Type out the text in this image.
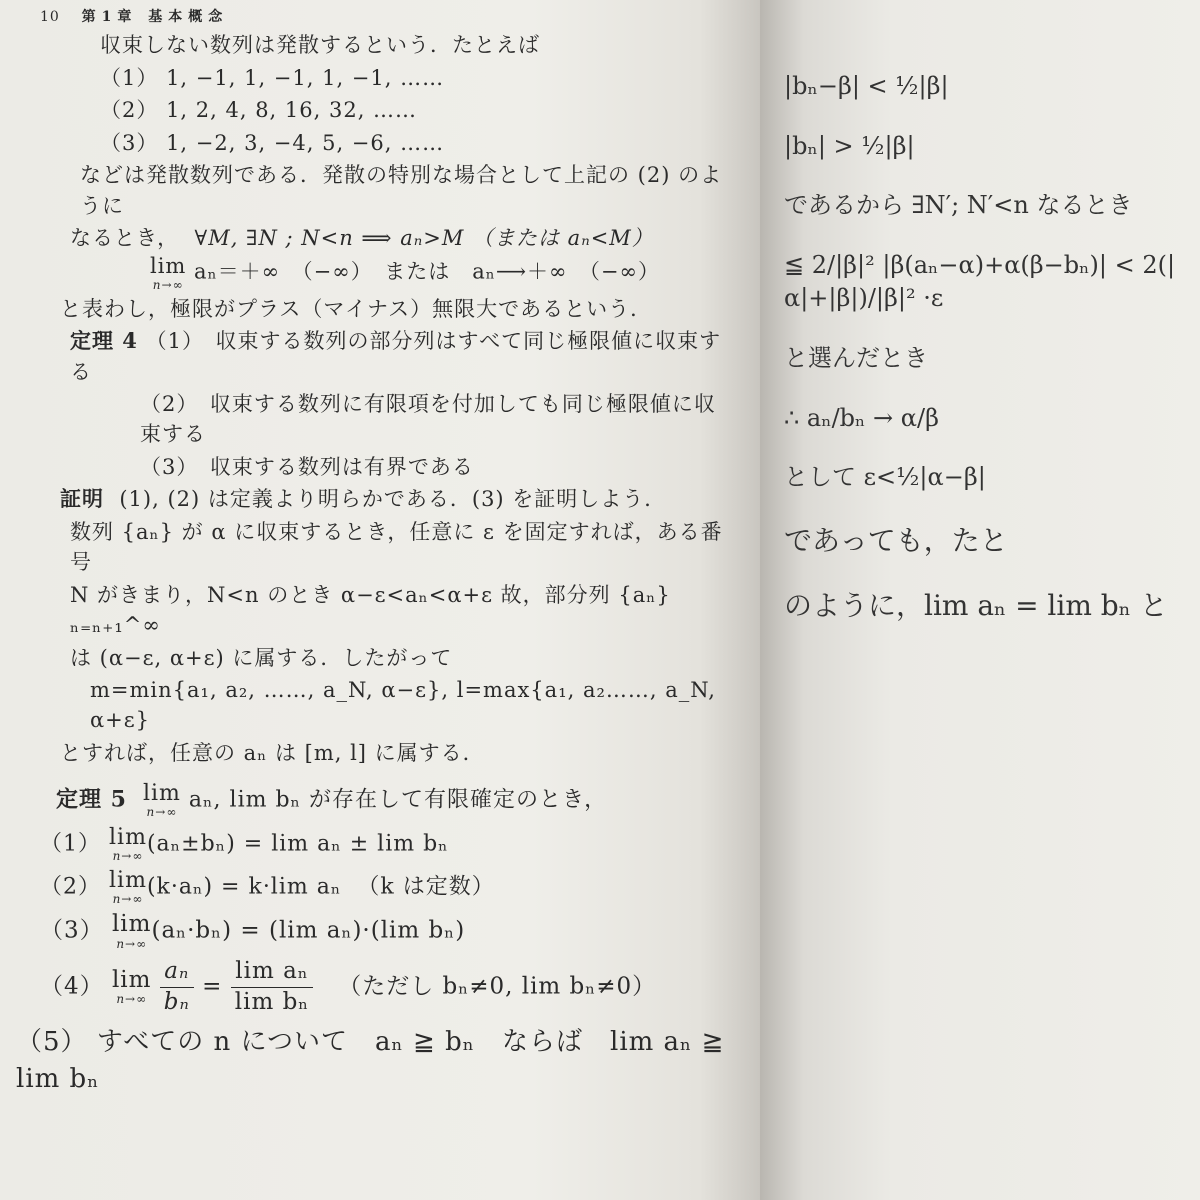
|bₙ−β| < ½|β|
|bₙ| > ½|β|
であるから ∃N′; N′<n なるとき
≦ 2/|β|² |β(aₙ−α)+α(β−bₙ)| < 2(|α|+|β|)/|β|² ·ε
と選んだとき
∴ aₙ/bₙ → α/β
として ε<½|α−β|
であっても，たと
のように，lim aₙ = lim bₙ と
10 第1章 基本概念
収束しない数列は発散するという．たとえば
（1） 1, −1, 1, −1, 1, −1, ……
（2） 1, 2, 4, 8, 16, 32, ……
（3） 1, −2, 3, −4, 5, −6, ……
などは発散数列である．発散の特別な場合として上記の (2) のように
なるとき， ∀M, ∃N ; N<n ⟹ aₙ>M （または aₙ<M）
lim
n→∞
aₙ＝＋∞　（−∞）　または　aₙ⟶＋∞　（−∞）
と表わし，極限がプラス（マイナス）無限大であるという．
定理 4 （1）　収束する数列の部分列はすべて同じ極限値に収束する
（2）　収束する数列に有限項を付加しても同じ極限値に収束する
（3）　収束する数列は有界である
証明 (1), (2) は定義より明らかである．(3) を証明しよう．
数列 {aₙ} が α に収束するとき，任意に ε を固定すれば，ある番号
N がきまり，N<n のとき α−ε<aₙ<α+ε 故，部分列 {aₙ}ₙ₌ₙ₊₁^∞
は (α−ε, α+ε) に属する．したがって
m=min{a₁, a₂, ……, a_N, α−ε}, l=max{a₁, a₂……, a_N, α+ε}
とすれば，任意の aₙ は [m, l] に属する．
定理 5 lim
n→∞ aₙ, lim bₙ が存在して有限確定のとき，
（1） lim
n→∞ (aₙ±bₙ) = lim aₙ ± lim bₙ
（2） lim
n→∞ (k·aₙ) = k·lim aₙ （k は定数）
（3） lim
n→∞
(aₙ·bₙ) = (lim aₙ)·(lim bₙ)
（4） lim
n→∞
$\frac{\text{aₙ}}{\text{bₙ}} = \frac{\text{lim aₙ}}{\text{lim bₙ}}$ （ただし bₙ≠0, lim bₙ≠0）
（5） すべての n について　aₙ ≧ bₙ　ならば　lim aₙ ≧ lim bₙ
